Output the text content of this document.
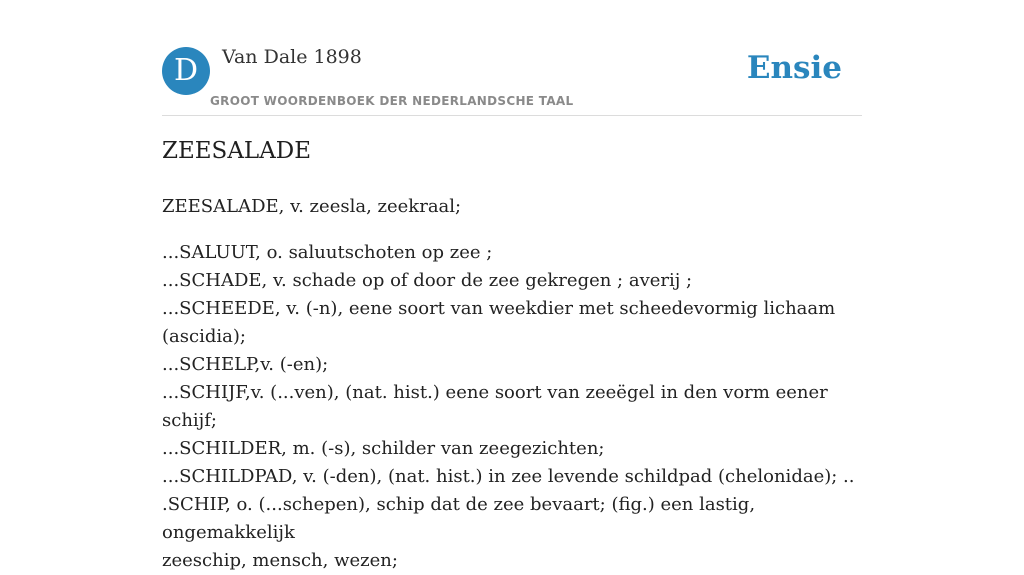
D	Van Dale 1898
GROOT WOORDENBOEK DER NEDERLANDSCHE TAAL
Ensie
ZEESALADE

ZEESALADE, v. zeesla, zeekraal;

...SALUUT, o. saluutschoten op zee ;
...SCHADE, v. schade op of door de zee gekregen ; averij ;
...SCHEEDE, v. (-n), eene soort van weekdier met scheedevormig lichaam
(ascidia);
...SCHELP,v. (-en);
...SCHIJF,v. (...ven), (nat. hist.) eene soort van zeeëgel in den vorm eener schijf;
...SCHILDER, m. (-s), schilder van zeegezichten;
...SCHILDPAD, v. (-den), (nat. hist.) in zee levende schildpad (chelonidae); ..
.SCHIP, o. (...schepen), schip dat de zee bevaart; (fig.) een lastig, ongemakkelijk
zeeschip, mensch, wezen;
